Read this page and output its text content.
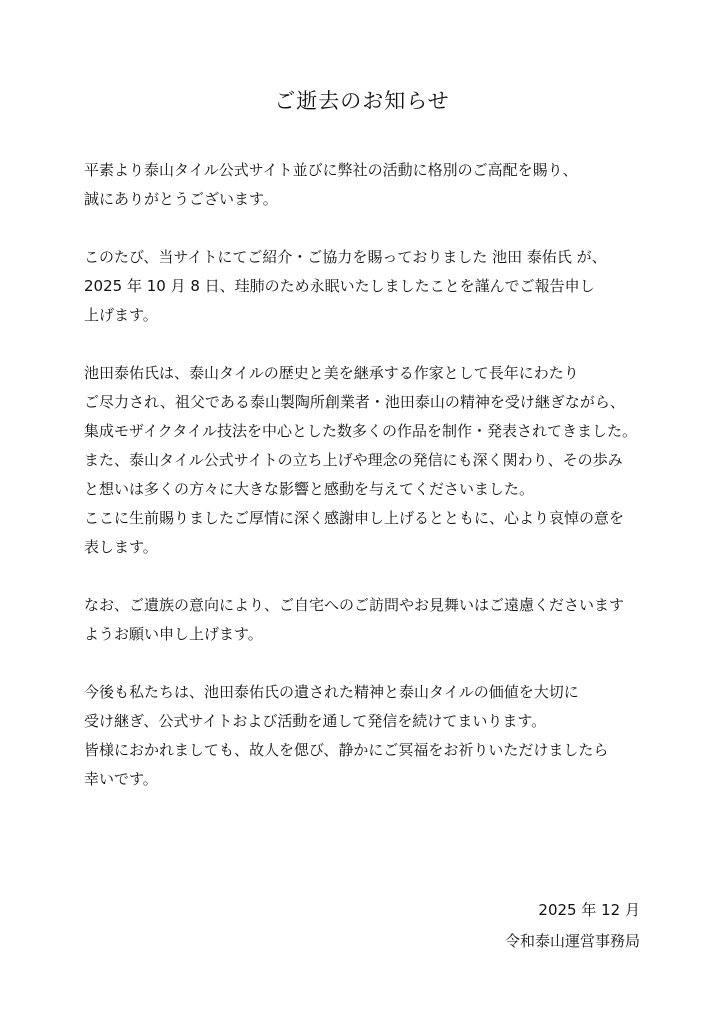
ご逝去のお知らせ
平素より泰山タイル公式サイト並びに弊社の活動に格別のご高配を賜り、
誠にありがとうございます。
このたび、当サイトにてご紹介・ご協力を賜っておりました 池田 泰佑氏 が、
2025 年 10 月 8 日、珪肺のため永眠いたしましたことを謹んでご報告申し
上げます。
池田泰佑氏は、泰山タイルの歴史と美を継承する作家として長年にわたり
ご尽力され、祖父である泰山製陶所創業者・池田泰山の精神を受け継ぎながら、
集成モザイクタイル技法を中心とした数多くの作品を制作・発表されてきました。
また、泰山タイル公式サイトの立ち上げや理念の発信にも深く関わり、その歩み
と想いは多くの方々に大きな影響と感動を与えてくださいました。
ここに生前賜りましたご厚情に深く感謝申し上げるとともに、心より哀悼の意を
表します。
なお、ご遺族の意向により、ご自宅へのご訪問やお見舞いはご遠慮くださいます
ようお願い申し上げます。
今後も私たちは、池田泰佑氏の遺された精神と泰山タイルの価値を大切に
受け継ぎ、公式サイトおよび活動を通して発信を続けてまいります。
皆様におかれましても、故人を偲び、静かにご冥福をお祈りいただけましたら
幸いです。
2025 年 12 月
令和泰山運営事務局
